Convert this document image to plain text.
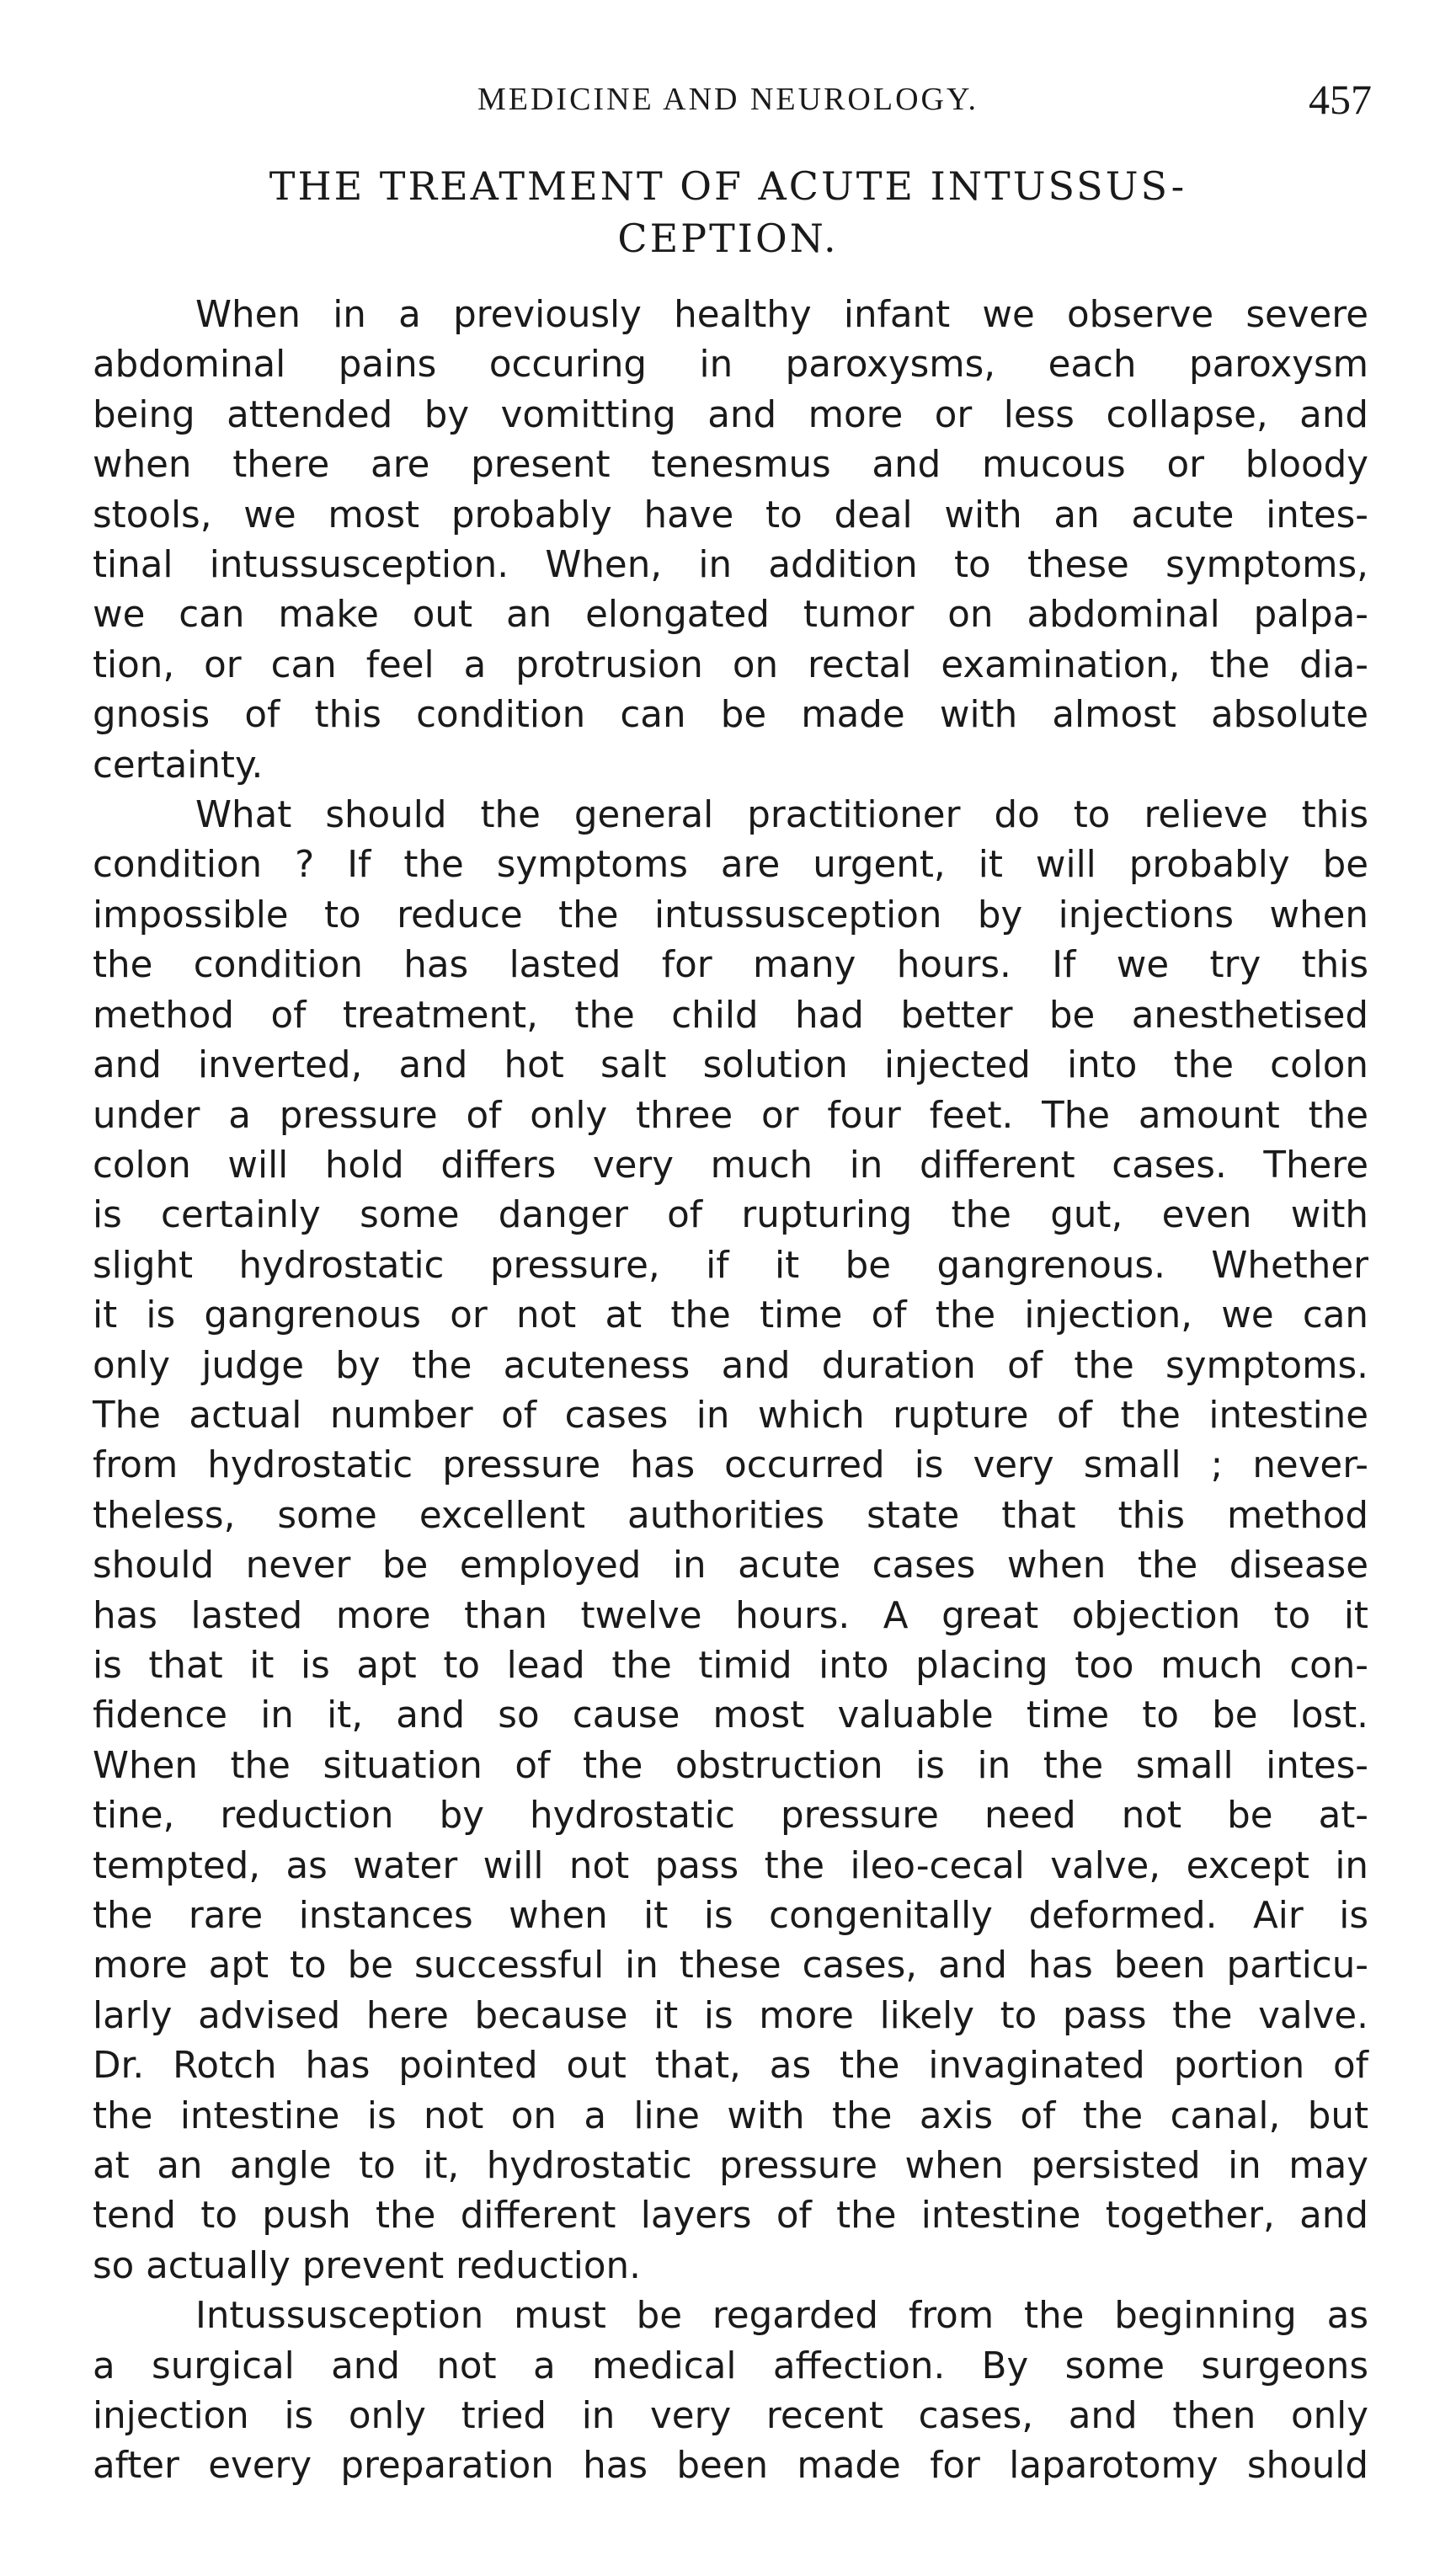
MEDICINE AND NEUROLOGY.	457
THE TREATMENT OF ACUTE INTUSSUS-
CEPTION.

When in a previously healthy infant we observe severe

abdominal pains occuring in paroxysms, each paroxysm

being attended by vomitting and more or less collapse, and

when there are present tenesmus and mucous or bloody

stools, we most probably have to deal with an acute intes-

tinal intussusception. When, in addition to these symptoms,

we can make out an elongated tumor on abdominal palpa-

tion, or can feel a protrusion on rectal examination, the dia-

gnosis of this condition can be made with almost absolute

certainty.

What should the general practitioner do to relieve this

condition ? If the symptoms are urgent, it will probably be

impossible to reduce the intussusception by injections when

the condition has lasted for many hours. If we try this

method of treatment, the child had better be anesthetised

and inverted, and hot salt solution injected into the colon

under a pressure of only three or four feet. The amount the

colon will hold differs very much in different cases. There

is certainly some danger of rupturing the gut, even with

slight hydrostatic pressure, if it be gangrenous. Whether

it is gangrenous or not at the time of the injection, we can

only judge by the acuteness and duration of the symptoms.

The actual number of cases in which rupture of the intestine

from hydrostatic pressure has occurred is very small ; never-

theless, some excellent authorities state that this method

should never be employed in acute cases when the disease

has lasted more than twelve hours. A great objection to it

is that it is apt to lead the timid into placing too much con-

fidence in it, and so cause most valuable time to be lost.

When the situation of the obstruction is in the small intes-

tine, reduction by hydrostatic pressure need not be at-

tempted, as water will not pass the ileo-cecal valve, except in

the rare instances when it is congenitally deformed. Air is

more apt to be successful in these cases, and has been particu-

larly advised here because it is more likely to pass the valve.

Dr. Rotch has pointed out that, as the invaginated portion of

the intestine is not on a line with the axis of the canal, but

at an angle to it, hydrostatic pressure when persisted in may

tend to push the different layers of the intestine together, and

so actually prevent reduction.

Intussusception must be regarded from the beginning as

a surgical and not a medical affection. By some surgeons

injection is only tried in very recent cases, and then only

after every preparation has been made for laparotomy should
